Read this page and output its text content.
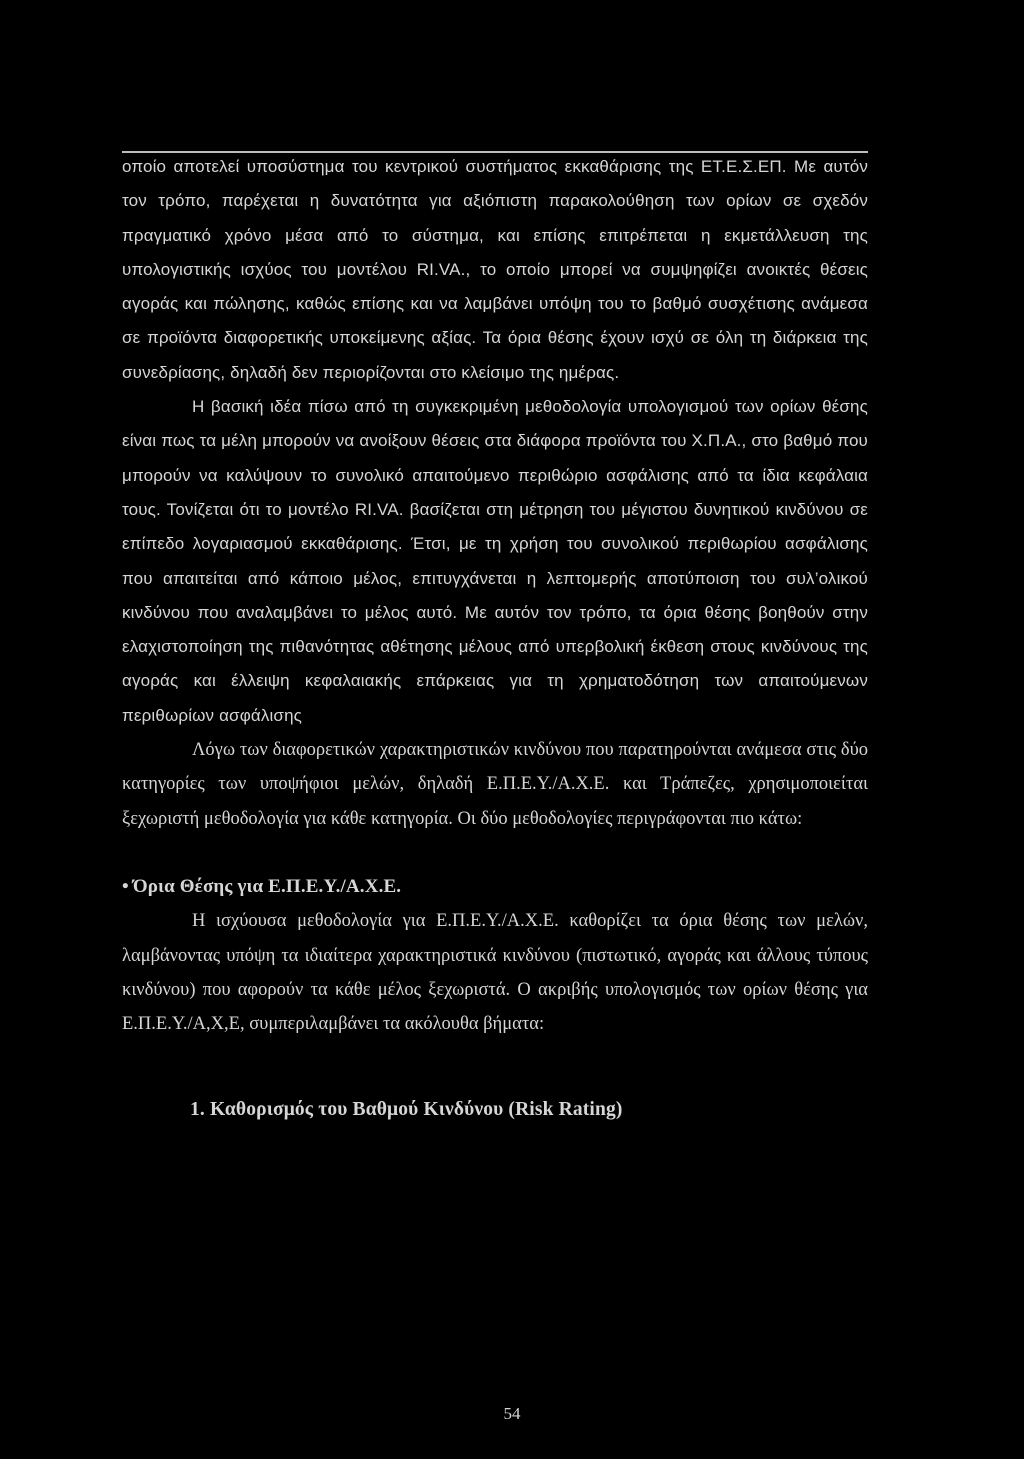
οποίο αποτελεί υποσύστημα του κεντρικού συστήματος εκκαθάρισης της ΕΤ.Ε.Σ.ΕΠ. Με αυτόν τον τρόπο, παρέχεται η δυνατότητα για αξιόπιστη παρακολούθηση των ορίων σε σχεδόν πραγματικό χρόνο μέσα από το σύστημα, και επίσης επιτρέπεται η εκμετάλλευση της υπολογιστικής ισχύος του μοντέλου RI.VA., το οποίο μπορεί να συμψηφίζει ανοικτές θέσεις αγοράς και πώλησης, καθώς επίσης και να λαμβάνει υπόψη του το βαθμό συσχέτισης ανάμεσα σε προϊόντα διαφορετικής υποκείμενης αξίας. Τα όρια θέσης έχουν ισχύ σε όλη τη διάρκεια της συνεδρίασης, δηλαδή δεν περιορίζονται στο κλείσιμο της ημέρας.

Η βασική ιδέα πίσω από τη συγκεκριμένη μεθοδολογία υπολογισμού των ορίων θέσης είναι πως τα μέλη μπορούν να ανοίξουν θέσεις στα διάφορα προϊόντα του Χ.Π.Α., στο βαθμό που μπορούν να καλύψουν το συνολικό απαιτούμενο περιθώριο ασφάλισης από τα ίδια κεφάλαια τους. Τονίζεται ότι το μοντέλο RI.VA. βασίζεται στη μέτρηση του μέγιστου δυνητικού κινδύνου σε επίπεδο λογαριασμού εκκαθάρισης. Έτσι, με τη χρήση του συνολικού περιθωρίου ασφάλισης που απαιτείται από κάποιο μέλος, επιτυγχάνεται η λεπτομερής αποτύποιση του συλ’ολικού κινδύνου που αναλαμβάνει το μέλος αυτό. Με αυτόν τον τρόπο, τα όρια θέσης βοηθούν στην ελαχιστοποίηση της πιθανότητας αθέτησης μέλους από υπερβολική έκθεση στους κινδύνους της αγοράς και έλλειψη κεφαλαιακής επάρκειας για τη χρηματοδότηση των απαιτούμενων περιθωρίων ασφάλισης

Λόγω των διαφορετικών χαρακτηριστικών κινδύνου που παρατηρούνται ανάμεσα στις δύο κατηγορίες των υποψήφιοι μελών, δηλαδή Ε.Π.Ε.Υ./Α.Χ.Ε. και Τράπεζες, χρησιμοποιείται ξεχωριστή μεθοδολογία για κάθε κατηγορία. Οι δύο μεθοδολογίες περιγράφονται πιο κάτω:

• Όρια Θέσης για Ε.Π.Ε.Υ./Α.Χ.Ε.

Η ισχύουσα μεθοδολογία για Ε.Π.Ε.Υ./Α.Χ.Ε. καθορίζει τα όρια θέσης των μελών, λαμβάνοντας υπόψη τα ιδιαίτερα χαρακτηριστικά κινδύνου (πιστωτικό, αγοράς και άλλους τύπους κινδύνου) που αφορούν τα κάθε μέλος ξεχωριστά. Ο ακριβής υπολογισμός των ορίων θέσης για Ε.Π.Ε.Υ./Α,Χ,Ε, συμπεριλαμβάνει τα ακόλουθα βήματα:

1. Καθορισμός του Βαθμού Κινδύνου (Risk Rating)

54
